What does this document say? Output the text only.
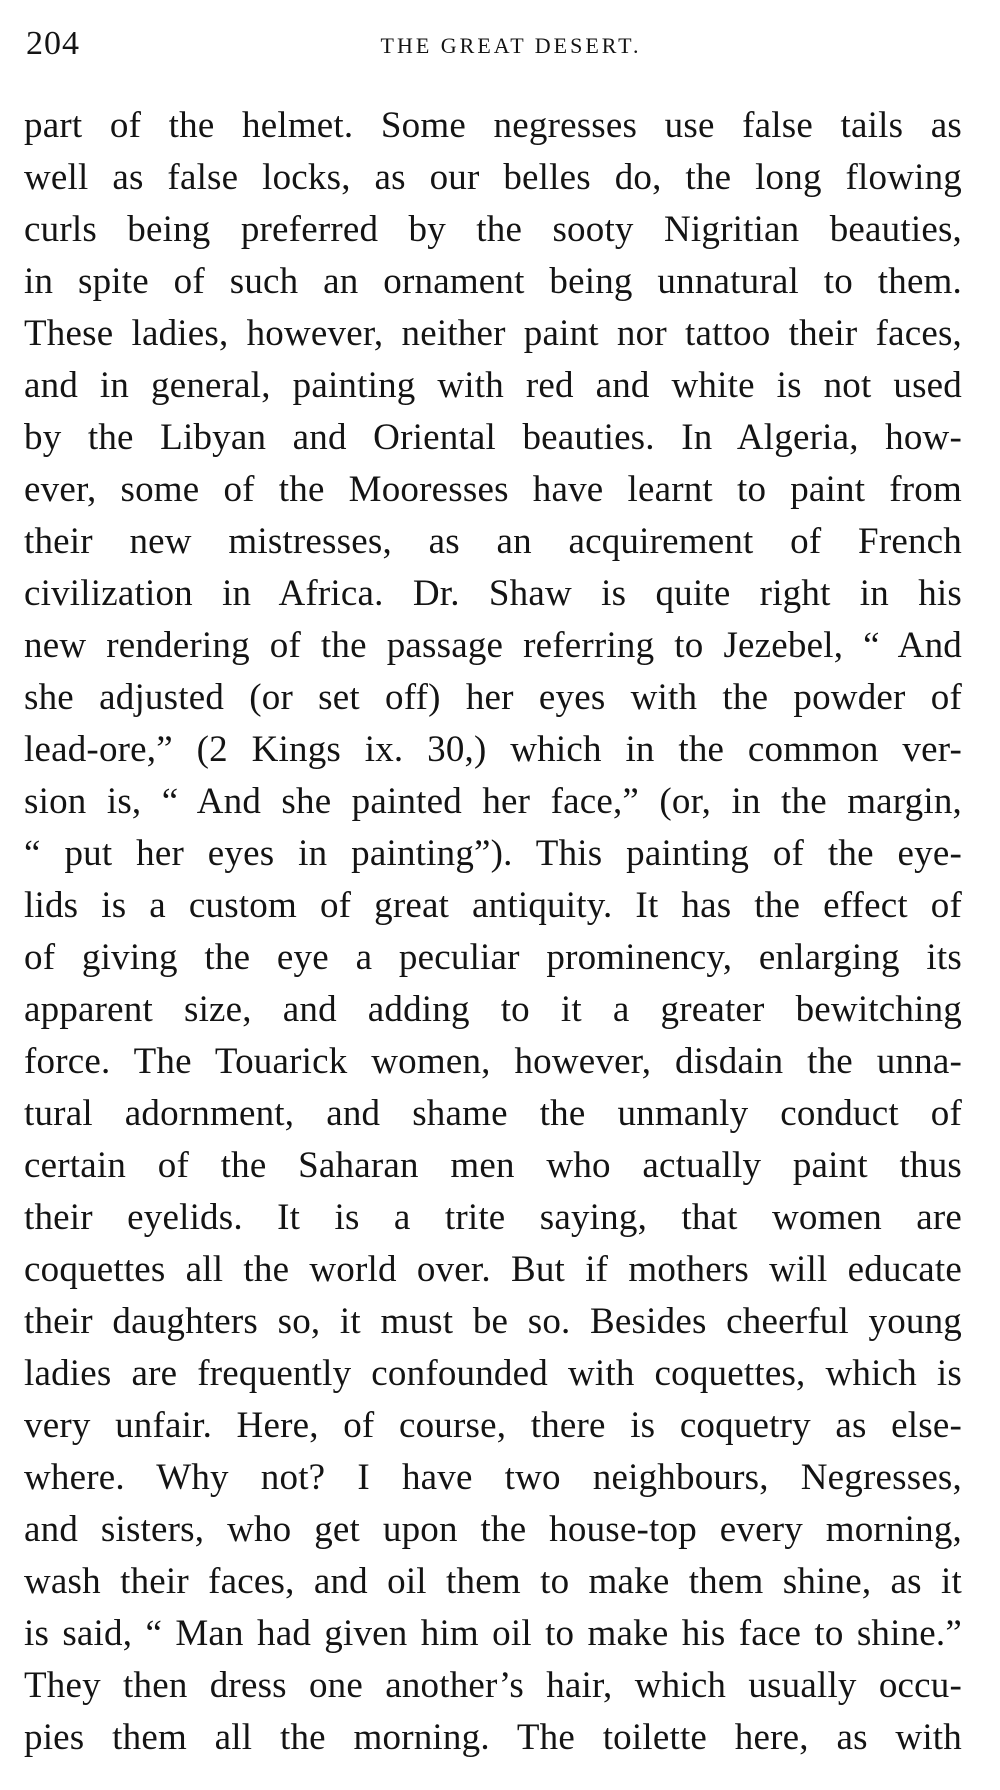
204	THE GREAT DESERT.
part of the helmet. Some negresses use false tails as
well as false locks, as our belles do, the long flowing
curls being preferred by the sooty Nigritian beauties,
in spite of such an ornament being unnatural to them.
These ladies, however, neither paint nor tattoo their faces,
and in general, painting with red and white is not used
by the Libyan and Oriental beauties. In Algeria, how-
ever, some of the Mooresses have learnt to paint from
their new mistresses, as an acquirement of French
civilization in Africa. Dr. Shaw is quite right in his
new rendering of the passage referring to Jezebel, “ And
she adjusted (or set off) her eyes with the powder of
lead-ore,” (2 Kings ix. 30,) which in the common ver-
sion is, “ And she painted her face,” (or, in the margin,
“ put her eyes in painting”). This painting of the eye-
lids is a custom of great antiquity. It has the effect of
of giving the eye a peculiar prominency, enlarging its
apparent size, and adding to it a greater bewitching
force. The Touarick women, however, disdain the unna-
tural adornment, and shame the unmanly conduct of
certain of the Saharan men who actually paint thus
their eyelids. It is a trite saying, that women are
coquettes all the world over. But if mothers will educate
their daughters so, it must be so. Besides cheerful young
ladies are frequently confounded with coquettes, which is
very unfair. Here, of course, there is coquetry as else-
where. Why not? I have two neighbours, Negresses,
and sisters, who get upon the house-top every morning,
wash their faces, and oil them to make them shine, as it
is said, “ Man had given him oil to make his face to shine.”
They then dress one another’s hair, which usually occu-
pies them all the morning. The toilette here, as with
